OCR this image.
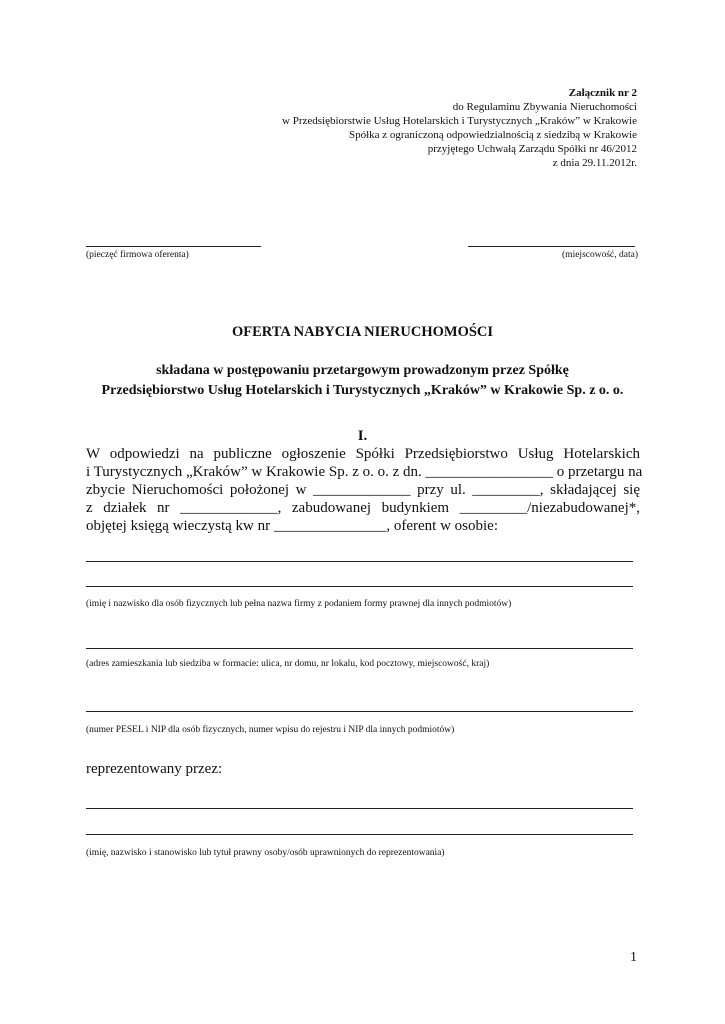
Załącznik nr 2
do Regulaminu Zbywania Nieruchomości
w Przedsiębiorstwie Usług Hotelarskich i Turystycznych „Kraków” w Krakowie
Spółka z ograniczoną odpowiedzialnością z siedzibą w Krakowie
przyjętego Uchwałą Zarządu Spółki nr 46/2012
z dnia 29.11.2012r.
(pieczęć firmowa oferenta)	(miejscowość, data)
OFERTA NABYCIA NIERUCHOMOŚCI
składana w postępowaniu przetargowym prowadzonym przez Spółkę
Przedsiębiorstwo Usług Hotelarskich i Turystycznych „Kraków” w Krakowie Sp. z o. o.
I.
W odpowiedzi na publiczne ogłoszenie Spółki Przedsiębiorstwo Usług Hotelarskich
i Turystycznych „Kraków” w Krakowie Sp. z o. o. z dn. _________________ o przetargu na
zbycie Nieruchomości położonej w _____________ przy ul. _________, składającej się
z działek nr _____________, zabudowanej budynkiem _________/niezabudowanej*,
objętej księgą wieczystą kw nr _______________, oferent w osobie:
(imię i nazwisko dla osób fizycznych lub pełna nazwa firmy z podaniem formy prawnej dla innych podmiotów)
(adres zamieszkania lub siedziba w formacie: ulica, nr domu, nr lokalu, kod pocztowy, miejscowość, kraj)
(numer PESEL i NIP dla osób fizycznych, numer wpisu do rejestru i NIP dla innych podmiotów)
reprezentowany przez:
(imię, nazwisko i stanowisko lub tytuł prawny osoby/osób uprawnionych do reprezentowania)
1
